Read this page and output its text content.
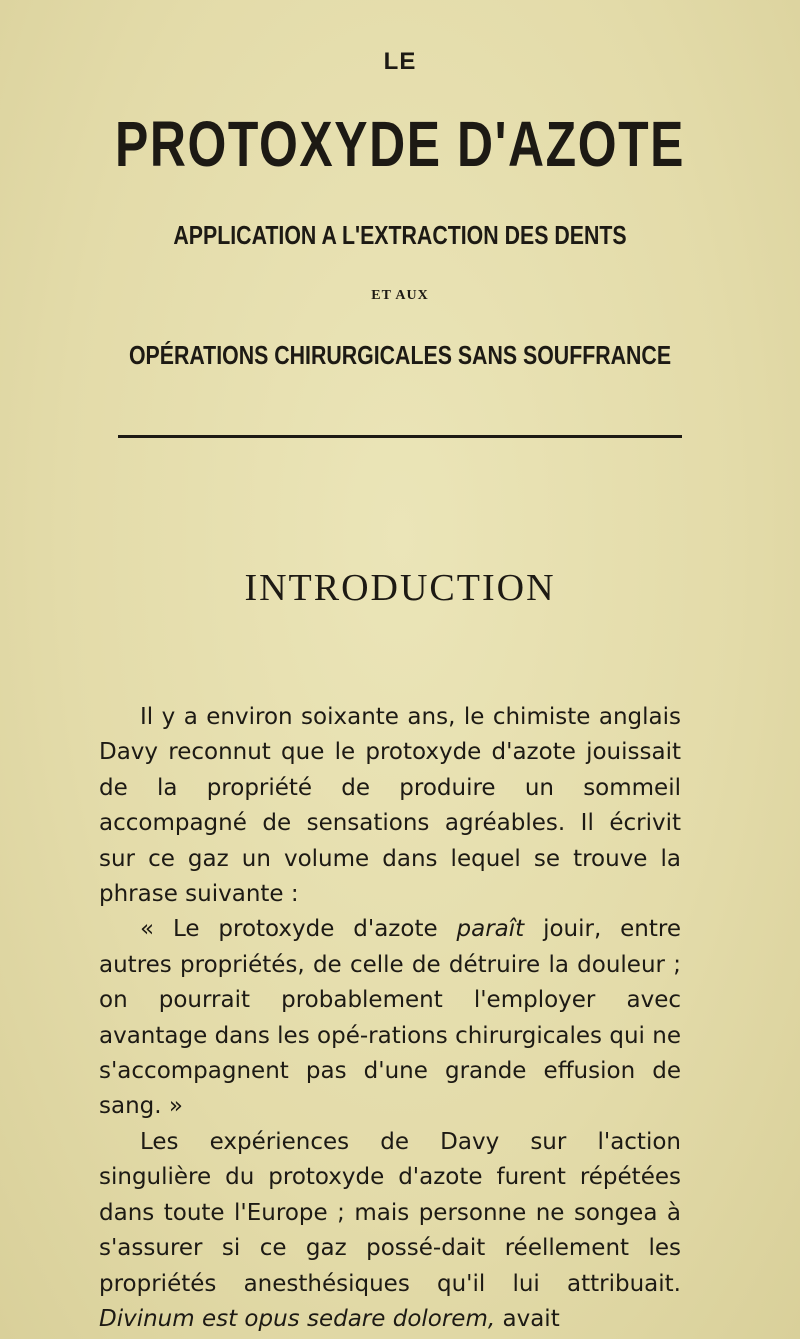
LE
PROTOXYDE D'AZOTE
APPLICATION A L'EXTRACTION DES DENTS
ET AUX
OPÉRATIONS CHIRURGICALES SANS SOUFFRANCE
INTRODUCTION

Il y a environ soixante ans, le chimiste anglais Davy reconnut que le protoxyde d'azote jouissait de la propriété de produire un sommeil accompagné de sensations agréables. Il écrivit sur ce gaz un volume dans lequel se trouve la phrase suivante :

« Le protoxyde d'azote paraît jouir, entre autres propriétés, de celle de détruire la douleur ; on pourrait probablement l'employer avec avantage dans les opé-rations chirurgicales qui ne s'accompagnent pas d'une grande effusion de sang. »

Les expériences de Davy sur l'action singulière du protoxyde d'azote furent répétées dans toute l'Europe ; mais personne ne songea à s'assurer si ce gaz possé-dait réellement les propriétés anesthésiques qu'il lui attribuait. Divinum est opus sedare dolorem, avait
